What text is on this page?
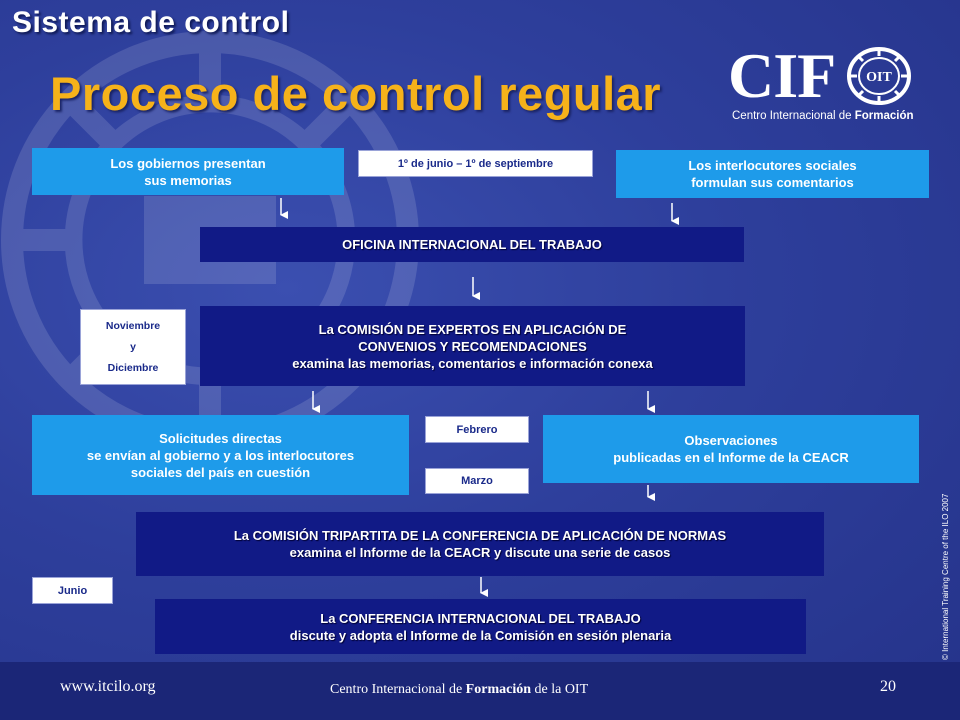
Sistema de control
Proceso de control regular CIF OIT
Centro Internacional de Formación
Los gobiernos presentan
sus memorias
1º de junio – 1º de septiembre	Los interlocutores sociales
formulan sus comentarios
OFICINA INTERNACIONAL DEL TRABAJO
Noviembre
y
Diciembre
La COMISIÓN DE EXPERTOS EN APLICACIÓN DE
CONVENIOS Y RECOMENDACIONES
examina las memorias, comentarios e información conexa
Solicitudes directas
se envían al gobierno y a los interlocutores
sociales del país en cuestión
Febrero
Marzo
Observaciones
publicadas en el Informe de la CEACR
La COMISIÓN TRIPARTITA DE LA CONFERENCIA DE APLICACIÓN DE NORMAS
examina el Informe de la CEACR y discute una serie de casos
Junio
La CONFERENCIA INTERNACIONAL DEL TRABAJO
discute y adopta el Informe de la Comisión en sesión plenaria	© International Training Centre of the ILO 2007
www.itcilo.org	Centro Internacional de Formación de la OIT	20
